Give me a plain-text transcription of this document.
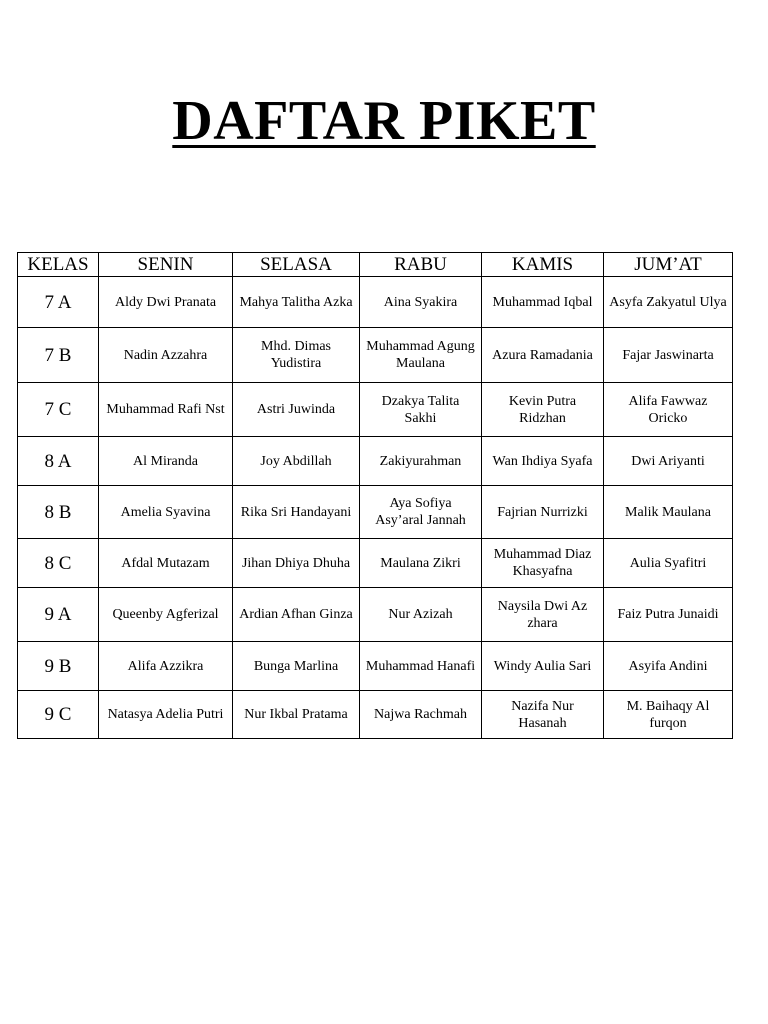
DAFTAR PIKET
KELAS	SENIN	SELASA	RABU	KAMIS	JUM’AT
7 A	Aldy Dwi Pranata	Mahya Talitha Azka	Aina Syakira	Muhammad Iqbal	Asyfa Zakyatul Ulya
7 B	Nadin Azzahra	Mhd. Dimas Yudistira	Muhammad Agung Maulana	Azura Ramadania	Fajar Jaswinarta
7 C	Muhammad Rafi Nst	Astri Juwinda	Dzakya Talita Sakhi	Kevin Putra Ridzhan	Alifa Fawwaz Oricko
8 A	Al Miranda	Joy Abdillah	Zakiyurahman	Wan Ihdiya Syafa	Dwi Ariyanti
8 B	Amelia Syavina	Rika Sri Handayani	Aya Sofiya Asy’aral Jannah	Fajrian Nurrizki	Malik Maulana
8 C	Afdal Mutazam	Jihan Dhiya Dhuha	Maulana Zikri	Muhammad Diaz Khasyafna	Aulia Syafitri
9 A	Queenby Agferizal	Ardian Afhan Ginza	Nur Azizah	Naysila Dwi Az zhara	Faiz Putra Junaidi
9 B	Alifa Azzikra	Bunga Marlina	Muhammad Hanafi	Windy Aulia Sari	Asyifa Andini
9 C	Natasya Adelia Putri	Nur Ikbal Pratama	Najwa Rachmah	Nazifa Nur Hasanah	M. Baihaqy Al furqon
